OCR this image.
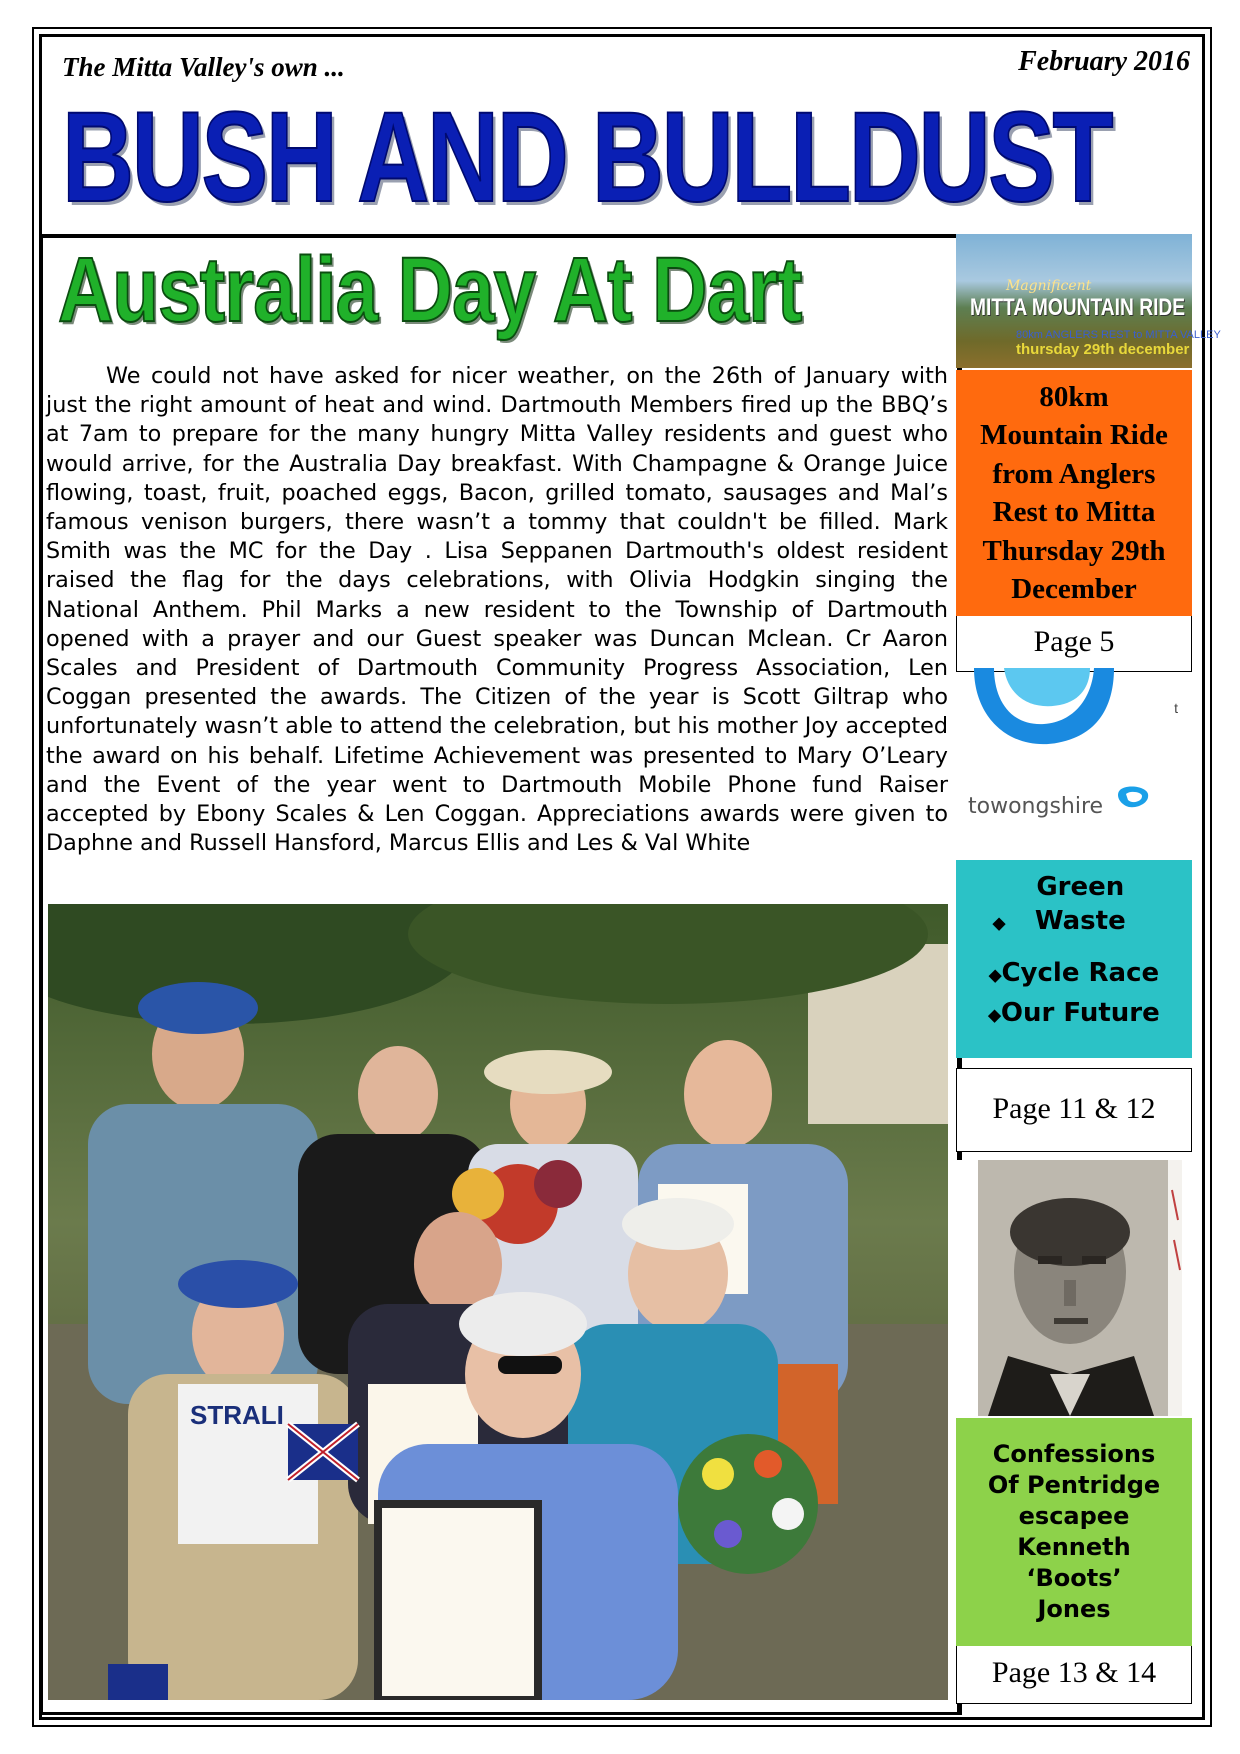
The Mitta Valley's own ...	February 2016
BUSH AND BULLDUST
Australia Day At Dart

We could not have asked for nicer weather, on the 26th of January with just the right amount of heat and wind. Dartmouth Members fired up the BBQ’s at 7am to prepare for the many hungry Mitta Valley residents and guest who would arrive, for the Australia Day breakfast. With Champagne & Orange Juice flowing, toast, fruit, poached eggs, Bacon, grilled tomato, sausages and Mal’s famous venison burgers, there wasn’t a tommy that couldn't be filled. Mark Smith was the MC for the Day . Lisa Seppanen Dartmouth's oldest resident raised the flag for the days celebrations, with Olivia Hodgkin singing the National Anthem. Phil Marks a new resident to the Township of Dartmouth opened with a prayer and our Guest speaker was Duncan Mclean. Cr Aaron Scales and President of Dartmouth Community Progress Association, Len Coggan presented the awards. The Citizen of the year is Scott Giltrap who unfortunately wasn’t able to attend the celebration, but his mother Joy accepted the award on his behalf. Lifetime Achievement was presented to Mary O’Leary and the Event of the year went to Dartmouth Mobile Phone fund Raiser accepted by Ebony Scales & Len Coggan. Appreciations awards were given to Daphne and Russell Hansford, Marcus Ellis and Les & Val White

STRALI
Magnificent
MITTA MOUNTAIN RIDE
80km ANGLERS REST to MITTA VALLEY
thursday 29th december
80km
Mountain Ride
from Anglers
Rest to Mitta
Thursday 29th
December
Page 5
t
towongshire
⬥Green Waste
⬥Cycle Race
⬥Our Future
Page 11 & 12
Confessions
Of Pentridge
escapee
Kenneth
‘Boots’
Jones
Page 13 & 14
